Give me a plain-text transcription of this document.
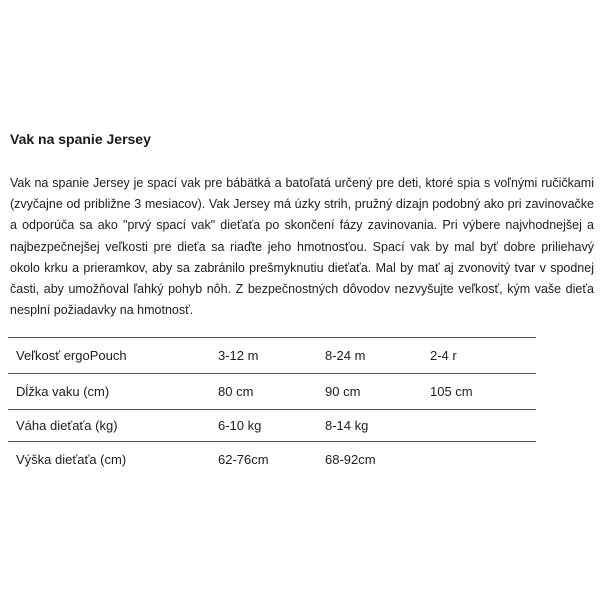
Vak na spanie Jersey
Vak na spanie Jersey je spací vak pre bábätká a batoľatá určený pre deti, ktoré spia s voľnými ručičkami
(zvyčajne od približne 3 mesiacov). Vak Jersey má úzky strih, pružný dizajn podobný ako pri zavinovačke
a odporúča sa ako "prvý spací vak" dieťaťa po skončení fázy zavinovania. Pri výbere najvhodnejšej a
najbezpečnejšej veľkosti pre dieťa sa riaďte jeho hmotnosťou. Spací vak by mal byť dobre priliehavý
okolo krku a prieramkov, aby sa zabránilo prešmyknutiu dieťaťa. Mal by mať aj zvonovitý tvar v spodnej
časti, aby umožňoval ľahký pohyb nôh. Z bezpečnostných dôvodov nezvyšujte veľkosť, kým vaše dieťa
nesplní požiadavky na hmotnosť.
Veľkosť ergoPouch	3-12 m	8-24 m	2-4 r
Dĺžka vaku (cm)	80 cm	90 cm	105 cm
Váha dieťaťa (kg)	6-10 kg	8-14 kg
Výška dieťaťa (cm)	62-76cm	68-92cm
